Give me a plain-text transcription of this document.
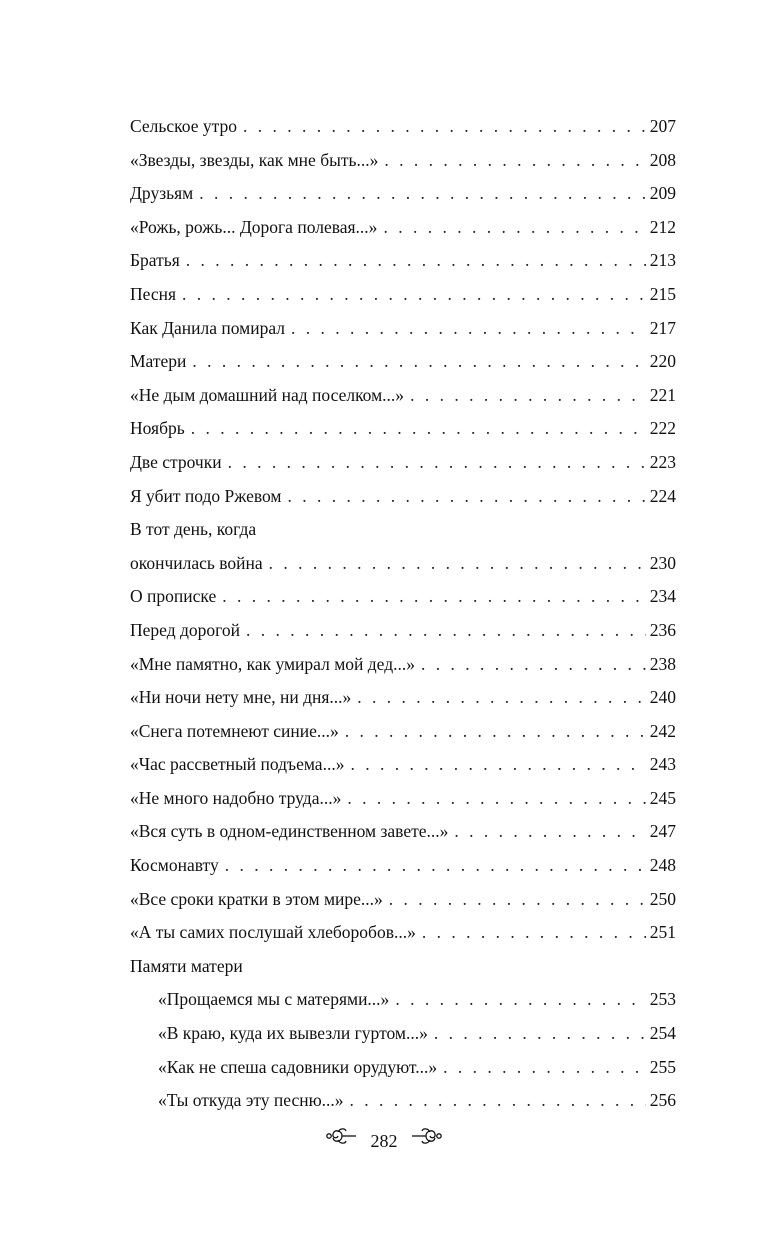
Сельское утро . . .	207
«Звезды, звезды, как мне быть...» . . .	208
Друзьям . . .	209
«Рожь, рожь... Дорога полевая...» . . .	212
Братья . . .	213
Песня . . .	215
Как Данила помирал . . .	217
Матери . . .	220
«Не дым домашний над поселком...» . . .	221
Ноябрь . . .	222
Две строчки . . .	223
Я убит подо Ржевом . . .	224
В тот день, когда
окончилась война . . .	230
О прописке . . .	234
Перед дорогой . . .	236
«Мне памятно, как умирал мой дед...» . . .	238
«Ни ночи нету мне, ни дня...» . . .	240
«Снега потемнеют синие...» . . .	242
«Час рассветный подъема...» . . .	243
«Не много надобно труда...» . . .	245
«Вся суть в одном-единственном завете...» . . .	247
Космонавту . . .	248
«Все сроки кратки в этом мире...» . . .	250
«А ты самих послушай хлеборобов...» . . .	251
Памяти матери
«Прощаемся мы с матерями...» . . .	253
«В краю, куда их вывезли гуртом...» . . .	254
«Как не спеша садовники орудуют...» . . .	255
«Ты откуда эту песню...» . . .	256
282
